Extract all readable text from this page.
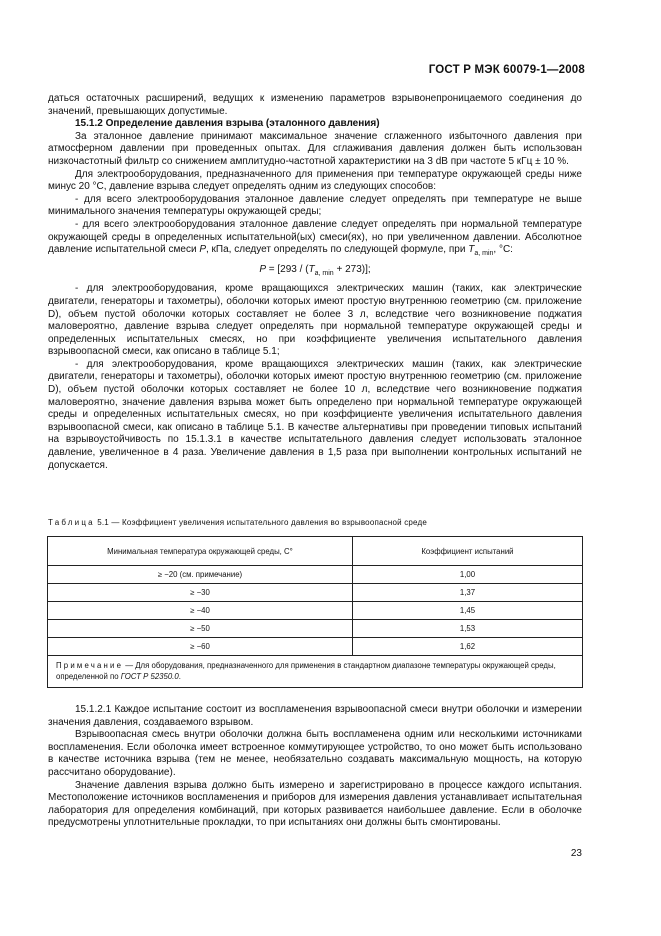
ГОСТ Р МЭК 60079-1—2008

даться остаточных расширений, ведущих к изменению параметров взрывонепроницаемого соединения до значений, превышающих допустимые.

15.1.2 Определение давления взрыва (эталонного давления)

За эталонное давление принимают максимальное значение сглаженного избыточного давления при атмосферном давлении при проведенных опытах. Для сглаживания давления должен быть использован низкочастотный фильтр со снижением амплитудно-частотной характеристики на 3 dB при частоте 5 кГц ± 10 %.

Для электрооборудования, предназначенного для применения при температуре окружающей среды ниже минус 20 °С, давление взрыва следует определять одним из следующих способов:

- для всего электрооборудования эталонное давление следует определять при температуре не выше минимального значения температуры окружающей среды;

- для всего электрооборудования эталонное давление следует определять при нормальной температуре окружающей среды в определенных испытательной(ых) смеси(ях), но при увеличенном давлении. Абсолютное давление испытательной смеси P, кПа, следует определять по следующей формуле, при $T_{a, min}$, °С:

$P = [293 / (T_{a, min} + 273)]$;

- для электрооборудования, кроме вращающихся электрических машин (таких, как электрические двигатели, генераторы и тахометры), оболочки которых имеют простую внутреннюю геометрию (см. приложение D), объем пустой оболочки которых составляет не более 3 л, вследствие чего возникновение поджатия маловероятно, давление взрыва следует определять при нормальной температуре окружающей среды и определенных испытательных смесях, но при коэффициенте увеличения испытательного давления взрывоопасной смеси, как описано в таблице 5.1;

- для электрооборудования, кроме вращающихся электрических машин (таких, как электрические двигатели, генераторы и тахометры), оболочки которых имеют простую внутреннюю геометрию (см. приложение D), объем пустой оболочки которых составляет не более 10 л, вследствие чего возникновение поджатия маловероятно, значение давления взрыва может быть определено при нормальной температуре окружающей среды и определенных испытательных смесях, но при коэффициенте увеличения испытательного давления взрывоопасной смеси, как описано в таблице 5.1. В качестве альтернативы при проведении типовых испытаний на взрывоустойчивость по 15.1.3.1 в качестве испытательного давления следует использовать эталонное давление, увеличенное в 4 раза. Увеличение давления в 1,5 раза при выполнении контрольных испытаний не допускается.

Таблица 5.1 — Коэффициент увеличения испытательного давления во взрывоопасной среде
Минимальная температура окружающей среды, С°	Коэффициент испытаний
≥ −20 (см. примечание)	1,00
≥ −30	1,37
≥ −40	1,45
≥ −50	1,53
≥ −60	1,62
Примечание — Для оборудования, предназначенного для применения в стандартном диапазоне температуры окружающей среды, определенной по ГОСТ Р 52350.0.	

15.1.2.1 Каждое испытание состоит из воспламенения взрывоопасной смеси внутри оболочки и измерении значения давления, создаваемого взрывом.

Взрывоопасная смесь внутри оболочки должна быть воспламенена одним или несколькими источниками воспламенения. Если оболочка имеет встроенное коммутирующее устройство, то оно может быть использовано в качестве источника взрыва (тем не менее, необязательно создавать максимальную мощность, на которую рассчитано оборудование).

Значение давления взрыва должно быть измерено и зарегистрировано в процессе каждого испытания. Местоположение источников воспламенения и приборов для измерения давления устанавливает испытательная лаборатория для определения комбинаций, при которых развивается наибольшее давление. Если в оболочке предусмотрены уплотнительные прокладки, то при испытаниях они должны быть смонтированы.

23
